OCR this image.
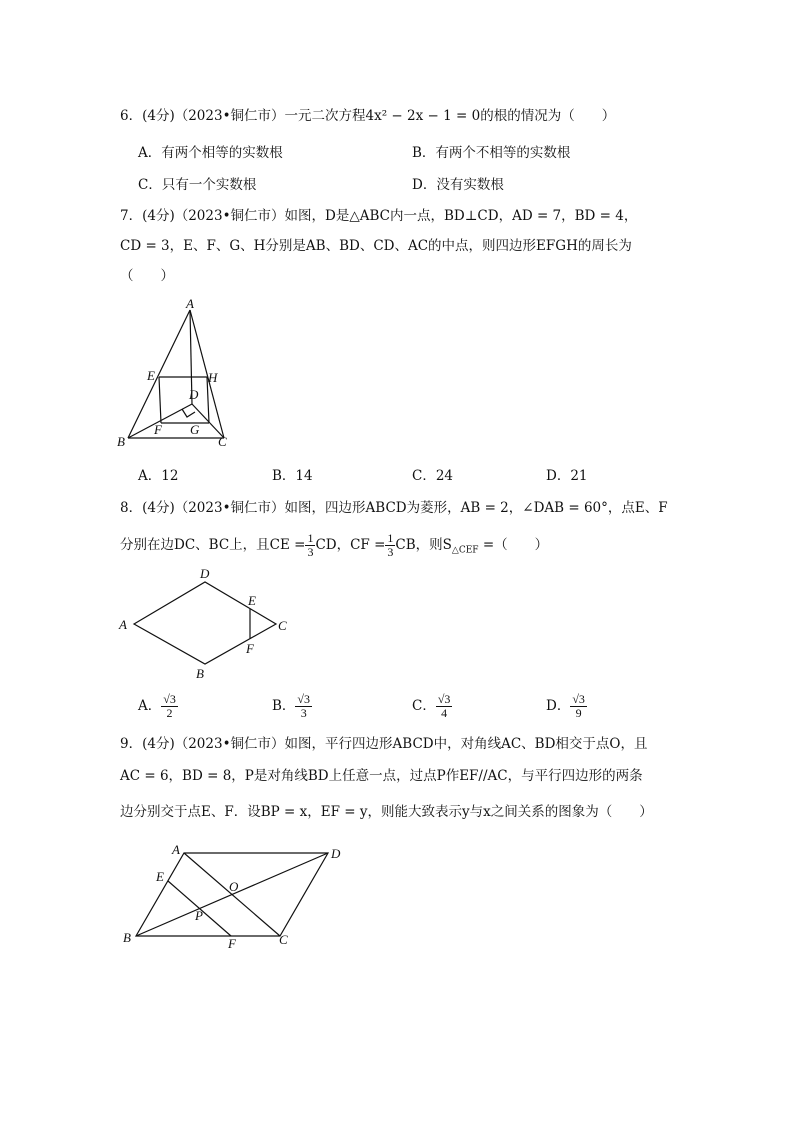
6．(4分)（2023•铜仁市）一元二次方程4x² − 2x − 1 = 0的根的情况为（　　）
A．有两个相等的实数根	B．有两个不相等的实数根
C．只有一个实数根	D．没有实数根
7．(4分)（2023•铜仁市）如图，D是△ABC内一点，BD⊥CD，AD = 7，BD = 4，
CD = 3，E、F、G、H分别是AB、BD、CD、AC的中点，则四边形EFGH的周长为
（　　）
A
E	H
D
B
F G
C
A．12	B．14	C．24	D．21
8．(4分)（2023•铜仁市）如图，四边形ABCD为菱形，AB = 2，∠DAB = 60°，点E、F
分别在边DC、BC上，且CE = $\frac{1}{3}$ CD，CF = $\frac{1}{3}$ CB，则$S_{\triangle CEF}$ =（　　）
D
E
A	C
F
B
A． $\frac{√3}{2}$	B． $\frac{√3}{3}$	C． $\frac{√3}{4}$	D． $\frac{√3}{9}$
9．(4分)（2023•铜仁市）如图，平行四边形ABCD中，对角线AC、BD相交于点O，且
AC = 6，BD = 8，P是对角线BD上任意一点，过点P作EF//AC，与平行四边形的两条
边分别交于点E、F．设BP = x，EF = y，则能大致表示y与x之间关系的图象为（　　）
A	D
E
O
P
B	F	C
